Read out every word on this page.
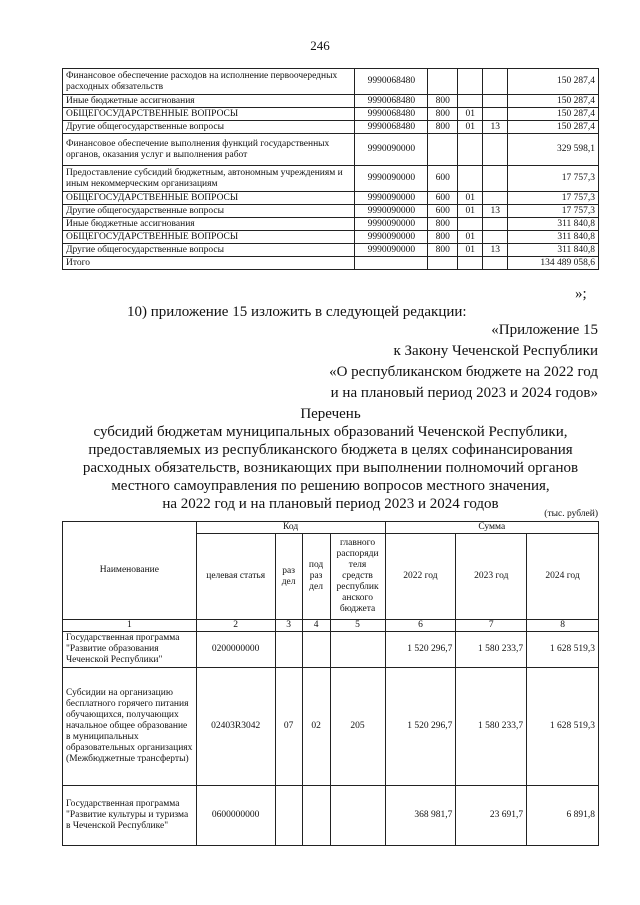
246
Финансовое обеспечение расходов на исполнение первоочередных расходных обязательств	9990068480				150 287,4
Иные бюджетные ассигнования	9990068480	800			150 287,4
ОБЩЕГОСУДАРСТВЕННЫЕ ВОПРОСЫ	9990068480	800	01		150 287,4
Другие общегосударственные вопросы	9990068480	800	01	13	150 287,4
Финансовое обеспечение выполнения функций государственных органов, оказания услуг и выполнения работ	9990090000				329 598,1
Предоставление субсидий бюджетным, автономным учреждениям и иным некоммерческим организациям	9990090000	600			17 757,3
ОБЩЕГОСУДАРСТВЕННЫЕ ВОПРОСЫ	9990090000	600	01		17 757,3
Другие общегосударственные вопросы	9990090000	600	01	13	17 757,3
Иные бюджетные ассигнования	9990090000	800			311 840,8
ОБЩЕГОСУДАРСТВЕННЫЕ ВОПРОСЫ	9990090000	800	01		311 840,8
Другие общегосударственные вопросы	9990090000	800	01	13	311 840,8
Итого					134 489 058,6
»;
10) приложение 15 изложить в следующей редакции:
«Приложение 15
к Закону Чеченской Республики
«О республиканском бюджете на 2022 год
и на плановый период 2023 и 2024 годов»
Перечень
субсидий бюджетам муниципальных образований Чеченской Республики,
предоставляемых из республиканского бюджета в целях софинансирования
расходных обязательств, возникающих при выполнении полномочий органов
местного самоуправления по решению вопросов местного значения,
на 2022 год и на плановый период 2023 и 2024 годов
(тыс. рублей)
Наименование	Код				Сумма		
	целевая статья	раз дел	под раз дел	главного распоряди теля средств республик анского бюджета	2022 год	2023 год	2024 год
1	2	3	4	5	6	7	8
Государственная программа "Развитие образования Чеченской Республики"	0200000000				1 520 296,7	1 580 233,7	1 628 519,3
Субсидии на организацию бесплатного горячего питания обучающихся, получающих начальное общее образование в муниципальных образовательных организациях (Межбюджетные трансферты)	02403R3042	07	02	205	1 520 296,7	1 580 233,7	1 628 519,3
Государственная программа "Развитие культуры и туризма в Чеченской Республике"	0600000000				368 981,7	23 691,7	6 891,8
